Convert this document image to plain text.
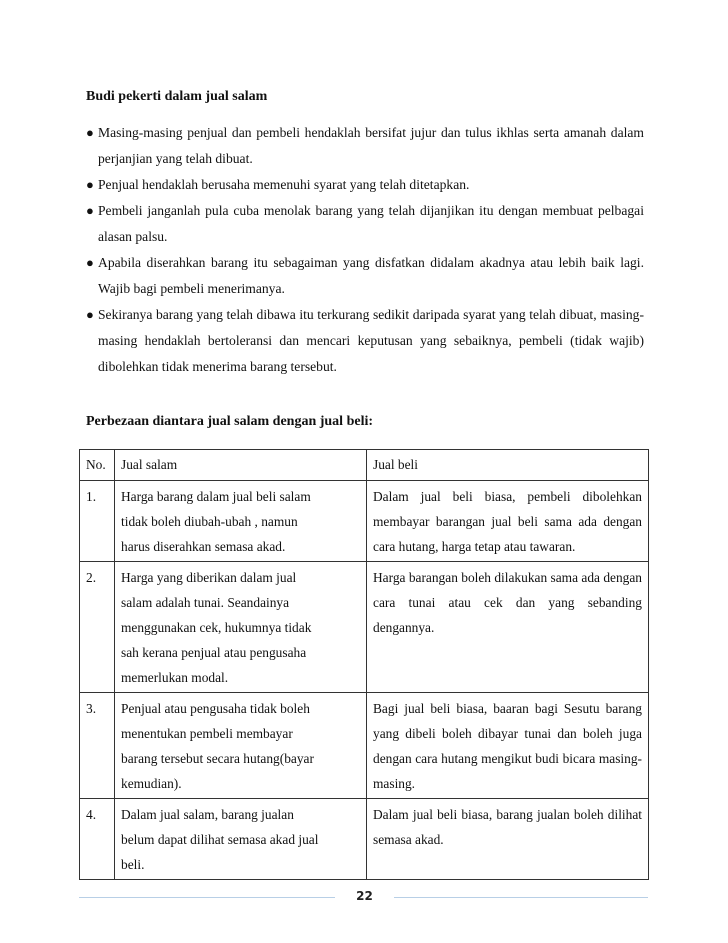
Budi pekerti dalam jual salam
● Masing-masing penjual dan pembeli hendaklah bersifat jujur dan tulus ikhlas serta amanah dalam perjanjian yang telah dibuat.
● Penjual hendaklah berusaha memenuhi syarat yang telah ditetapkan.
● Pembeli janganlah pula cuba menolak barang yang telah dijanjikan itu dengan membuat pelbagai alasan palsu.
● Apabila diserahkan barang itu sebagaiman yang disfatkan didalam akadnya atau lebih baik lagi. Wajib bagi pembeli menerimanya.
● Sekiranya barang yang telah dibawa itu terkurang sedikit daripada syarat yang telah dibuat, masing-masing hendaklah bertoleransi dan mencari keputusan yang sebaiknya, pembeli (tidak wajib) dibolehkan tidak menerima barang tersebut.
Perbezaan diantara jual salam dengan jual beli:
No.	Jual salam	Jual beli
1.	Harga barang dalam jual beli salam
tidak boleh diubah-ubah , namun
harus diserahkan semasa akad.	Dalam jual beli biasa, pembeli dibolehkan membayar barangan jual beli sama ada dengan cara hutang, harga tetap atau tawaran.
2.	Harga yang diberikan dalam jual
salam adalah tunai. Seandainya
menggunakan cek, hukumnya tidak
sah kerana penjual atau pengusaha
memerlukan modal.	Harga barangan boleh dilakukan sama ada dengan cara tunai atau cek dan yang sebanding dengannya.
3.	Penjual atau pengusaha tidak boleh
menentukan pembeli membayar
barang tersebut secara hutang(bayar
kemudian).	Bagi jual beli biasa, baaran bagi Sesutu barang yang dibeli boleh dibayar tunai dan boleh juga dengan cara hutang mengikut budi bicara masing-masing.
4.	Dalam jual salam, barang jualan
belum dapat dilihat semasa akad jual
beli.	Dalam jual beli biasa, barang jualan boleh dilihat semasa akad.
22
